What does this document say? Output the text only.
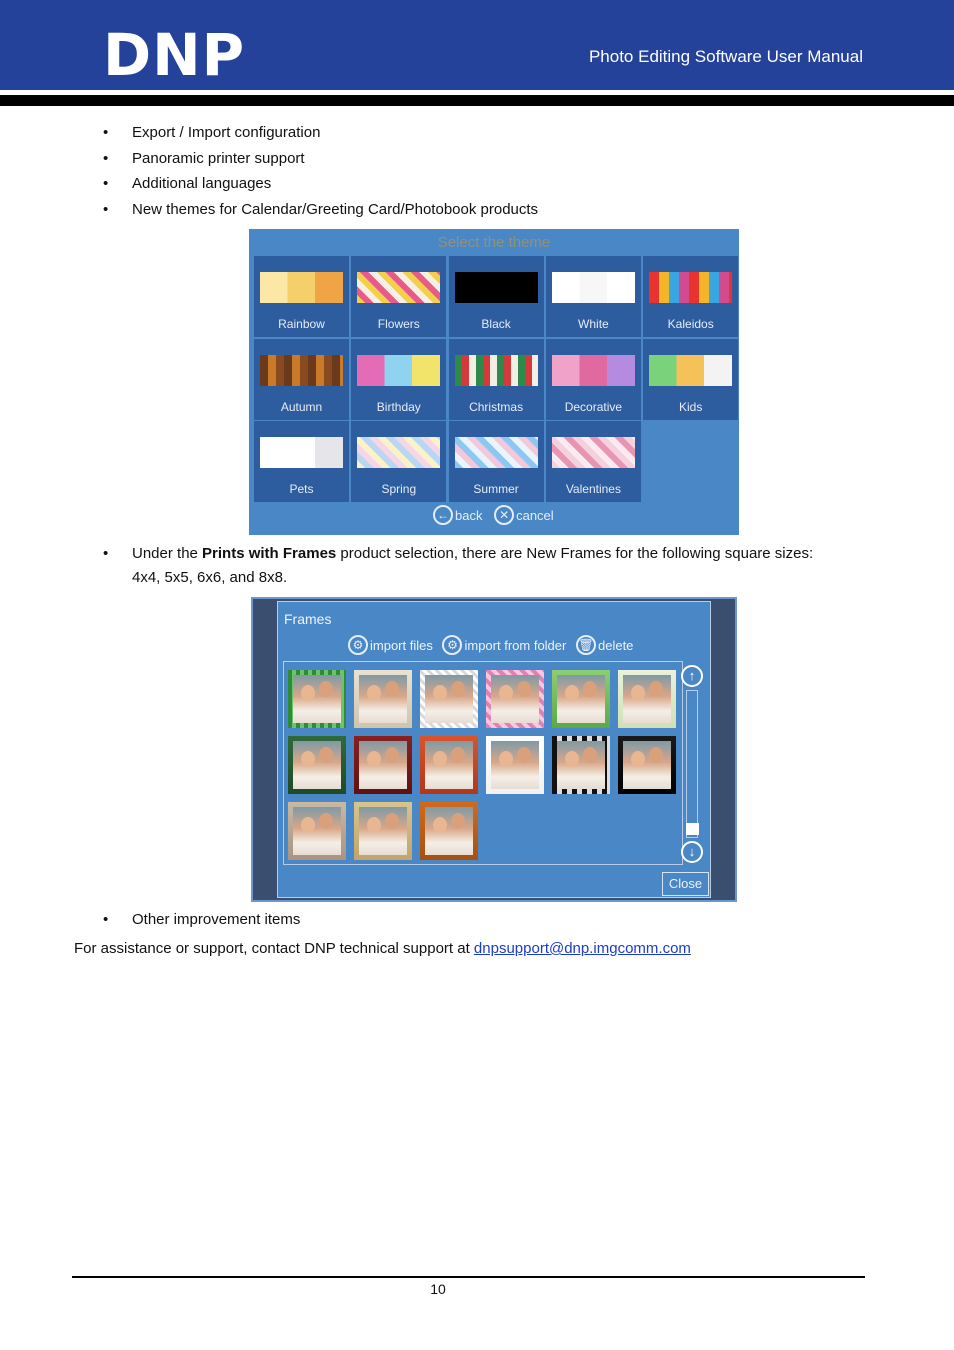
DNP	Photo Editing Software User Manual
• Export / Import configuration
• Panoramic printer support
• Additional languages
• New themes for Calendar/Greeting Card/Photobook products
Select the theme
Rainbow	Flowers	Black	White	Kaleidos
Autumn	Birthday	Christmas	Decorative	Kids
Pets	Spring	Summer	Valentines
← back ✕ cancel
• Under the Prints with Frames product selection, there are New Frames for the following square sizes:
4x4, 5x5, 6x6, and 8x8.
Frames
⚙ import files ⚙ import from folder 🗑 delete
↑
↓
Close
• Other improvement items
For assistance or support, contact DNP technical support at dnpsupport@dnp.imgcomm.com
10
